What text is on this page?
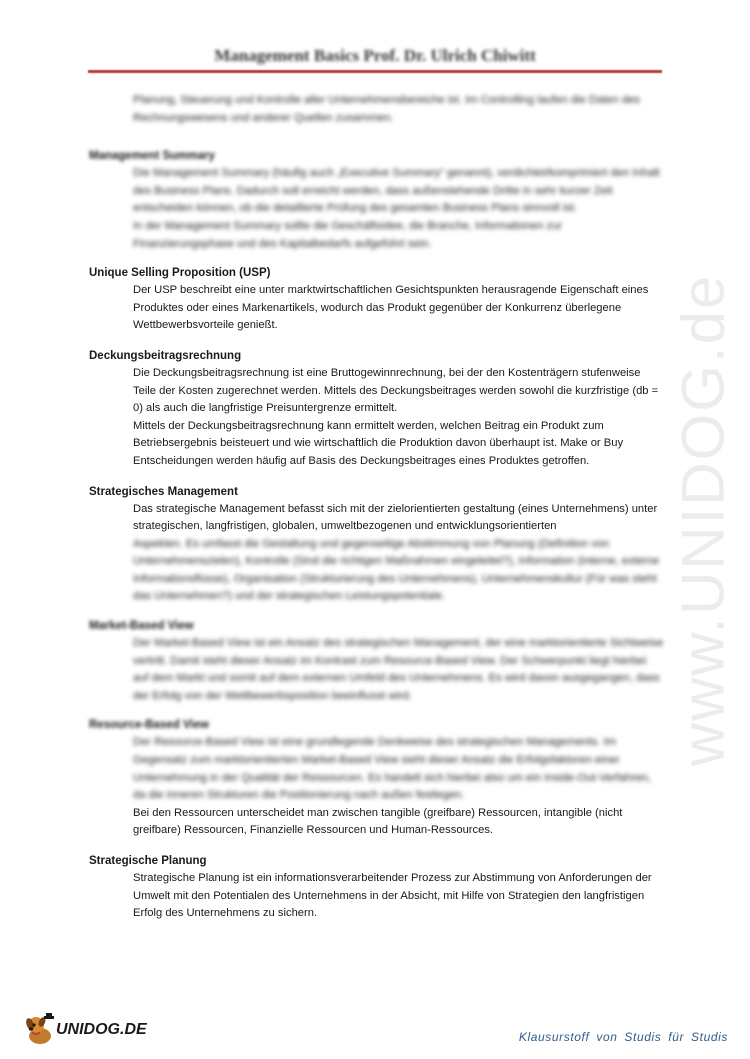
Management Basics Prof. Dr. Ulrich Chiwitt
www.UNIDOG.de

Planung, Steuerung und Kontrolle aller Unternehmensbereiche ist. Im Controlling laufen die Daten des Rechnungswesens und anderer Quellen zusammen.

Management Summary

Die Management Summary (häufig auch „Executive Summary“ genannt), verdichtet/komprimiert den Inhalt des Business Plans. Dadurch soll erreicht werden, dass außenstehende Dritte in sehr kurzer Zeit entscheiden können, ob die detaillierte Prüfung des gesamten Business Plans sinnvoll ist.

In der Management Summary sollte die Geschäftsidee, die Branche, Informationen zur Finanzierungsphase und des Kapitalbedarfs aufgeführt sein.

Unique Selling Proposition (USP)

Der USP beschreibt eine unter marktwirtschaftlichen Gesichtspunkten herausragende Eigenschaft eines Produktes oder eines Markenartikels, wodurch das Produkt gegenüber der Konkurrenz überlegene Wettbewerbsvorteile genießt.

Deckungsbeitragsrechnung

Die Deckungsbeitragsrechnung ist eine Bruttogewinnrechnung, bei der den Kostenträgern stufenweise Teile der Kosten zugerechnet werden. Mittels des Deckungsbeitrages werden sowohl die kurzfristige (db = 0) als auch die langfristige Preisuntergrenze ermittelt.

Mittels der Deckungsbeitragsrechnung kann ermittelt werden, welchen Beitrag ein Produkt zum Betriebsergebnis beisteuert und wie wirtschaftlich die Produktion davon überhaupt ist. Make or Buy Entscheidungen werden häufig auf Basis des Deckungsbeitrages eines Produktes getroffen.

Strategisches Management

Das strategische Management befasst sich mit der zielorientierten gestaltung (eines Unternehmens) unter strategischen, langfristigen, globalen, umweltbezogenen und entwicklungsorientierten

Aspekten. Es umfasst die Gestaltung und gegenseitige Abstimmung von Planung (Definition von Unternehmenszielen), Kontrolle (Sind die richtigen Maßnahmen eingeleitet?), Information (interne, externe Informationsflüsse), Organisation (Strukturierung des Unternehmens), Unternehmenskultur (Für was steht das Unternehmen?) und der strategischen Leistungspotentiale.

Market-Based View

Der Market-Based View ist ein Ansatz des strategischen Management, der eine marktorientierte Sichtweise vertritt. Damit steht dieser Ansatz im Kontrast zum Resource-Based View. Der Schwerpunkt liegt hierbei auf dem Markt und somit auf dem externen Umfeld des Unternehmens. Es wird davon ausgegangen, dass der Erfolg von der Wettbewerbsposition beeinflusst wird.

Resource-Based View

Der Resource-Based View ist eine grundlegende Denkweise des strategischen Managements. Im Gegensatz zum marktorientierten Market-Based View sieht dieser Ansatz die Erfolgsfaktoren einer Unternehmung in der Qualität der Ressourcen. Es handelt sich hierbei also um ein Inside-Out-Verfahren, da die inneren Strukturen die Positionierung nach außen festlegen.

Bei den Ressourcen unterscheidet man zwischen tangible (greifbare) Ressourcen, intangible (nicht greifbare) Ressourcen, Finanzielle Ressourcen und Human-Ressources.

Strategische Planung

Strategische Planung ist ein informationsverarbeitender Prozess zur Abstimmung von Anforderungen der Umwelt mit den Potentialen des Unternehmens in der Absicht, mit Hilfe von Strategien den langfristigen Erfolg des Unternehmens zu sichern.

UNIDOG.DE	Klausurstoff von Studis für Studis
